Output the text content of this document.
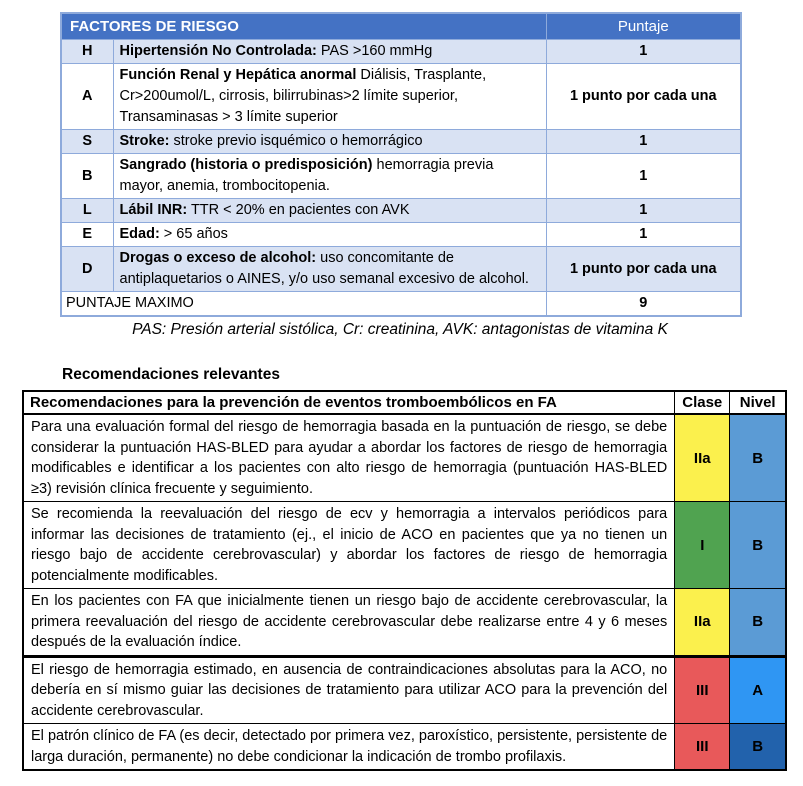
FACTORES DE RIESGO		Puntaje
H	Hipertensión No Controlada: PAS >160 mmHg	1
A	Función Renal y Hepática anormal Diálisis, Trasplante, Cr>200umol/L, cirrosis, bilirrubinas>2 límite superior, Transaminasas > 3 límite superior	1 punto por cada una
S	Stroke: stroke previo isquémico o hemorrágico	1
B	Sangrado (historia o predisposición) hemorragia previa mayor, anemia, trombocitopenia.	1
L	Lábil INR: TTR < 20% en pacientes con AVK	1
E	Edad: > 65 años	1
D	Drogas o exceso de alcohol: uso concomitante de antiplaquetarios o AINES, y/o uso semanal excesivo de alcohol.	1 punto por cada una
PUNTAJE MAXIMO		9
PAS: Presión arterial sistólica, Cr: creatinina, AVK: antagonistas de vitamina K
Recomendaciones relevantes
Recomendaciones para la prevención de eventos tromboembólicos en FA	Clase	Nivel
Para una evaluación formal del riesgo de hemorragia basada en la puntuación de riesgo, se debe considerar la puntuación HAS-BLED para ayudar a abordar los factores de riesgo de hemorragia modificables e identificar a los pacientes con alto riesgo de hemorragia (puntuación HAS-BLED ≥3) revisión clínica frecuente y seguimiento.	IIa	B
Se recomienda la reevaluación del riesgo de ecv y hemorragia a intervalos periódicos para informar las decisiones de tratamiento (ej., el inicio de ACO en pacientes que ya no tienen un riesgo bajo de accidente cerebrovascular) y abordar los factores de riesgo de hemorragia potencialmente modificables.	I	B
En los pacientes con FA que inicialmente tienen un riesgo bajo de accidente cerebrovascular, la primera reevaluación del riesgo de accidente cerebrovascular debe realizarse entre 4 y 6 meses después de la evaluación índice.	IIa	B
El riesgo de hemorragia estimado, en ausencia de contraindicaciones absolutas para la ACO, no debería en sí mismo guiar las decisiones de tratamiento para utilizar ACO para la prevención del accidente cerebrovascular.	III	A
El patrón clínico de FA (es decir, detectado por primera vez, paroxístico, persistente, persistente de larga duración, permanente) no debe condicionar la indicación de trombo profilaxis.	III	B
